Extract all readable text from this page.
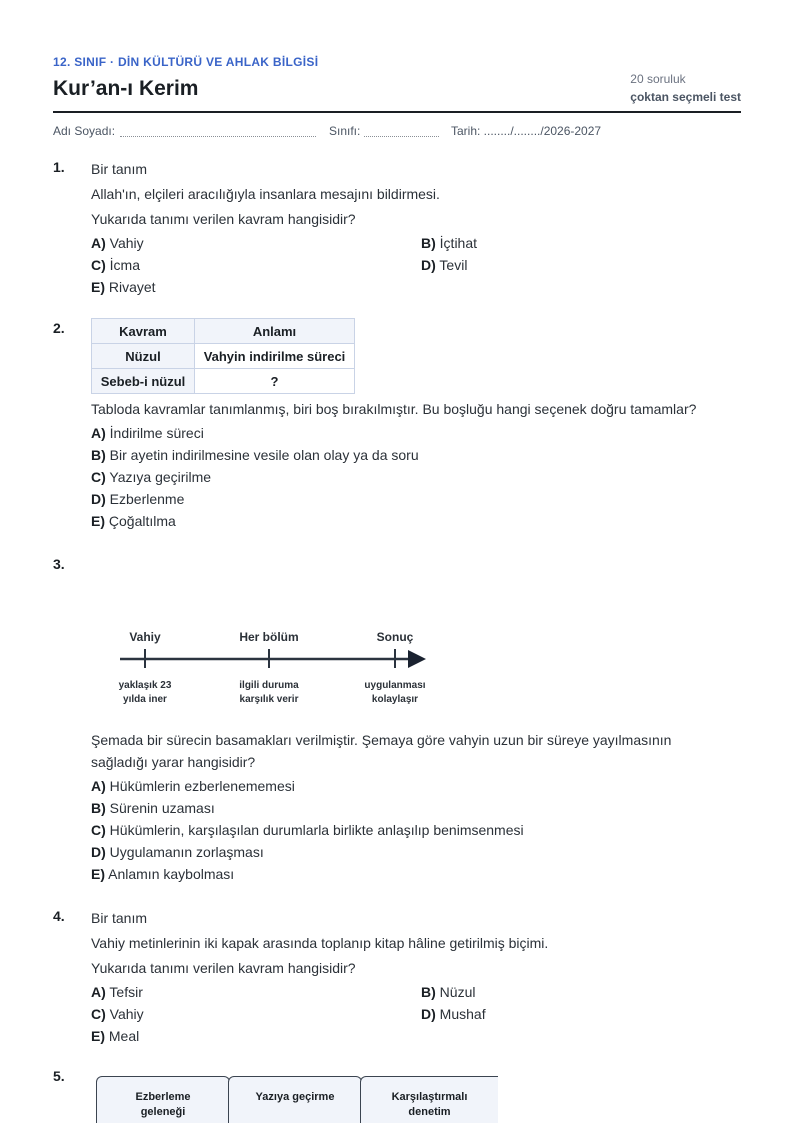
12. SINIF · DİN KÜLTÜRÜ VE AHLAK BİLGİSİ
Kur’an-ı Kerim	20 soruluk
çoktan seçmeli test
Adı Soyadı:	Sınıfı:	Tarih: ......../......../2026-2027
1. Bir tanım
Allah'ın, elçileri aracılığıyla insanlara mesajını bildirmesi.
Yukarıda tanımı verilen kavram hangisidir?
A) Vahiy	B) İçtihat
C) İcma	D) Tevil
E) Rivayet
2.	Kavram	Anlamı
Nüzul	Vahyin indirilme süreci
Sebeb-i nüzul	?
Tabloda kavramlar tanımlanmış, biri boş bırakılmıştır. Bu boşluğu hangi seçenek doğru tamamlar?
A) İndirilme süreci
B) Bir ayetin indirilmesine vesile olan olay ya da soru
C) Yazıya geçirilme
D) Ezberlenme
E) Çoğaltılma
3.
Vahiy	Her bölüm	Sonuç
yaklaşık 23
yılda iner
ilgili duruma
karşılık verir
uygulanması
kolaylaşır
Şemada bir sürecin basamakları verilmiştir. Şemaya göre vahyin uzun bir süreye yayılmasının
sağladığı yarar hangisidir?
A) Hükümlerin ezberlenememesi
B) Sürenin uzaması
C) Hükümlerin, karşılaşılan durumlarla birlikte anlaşılıp benimsenmesi
D) Uygulamanın zorlaşması
E) Anlamın kaybolması
4. Bir tanım
Vahiy metinlerinin iki kapak arasında toplanıp kitap hâline getirilmiş biçimi.
Yukarıda tanımı verilen kavram hangisidir?
A) Tefsir	B) Nüzul
C) Vahiy	D) Mushaf
E) Meal
5.
Ezberleme
geleneği
Yazıya geçirme	Karşılaştırmalı
denetim
